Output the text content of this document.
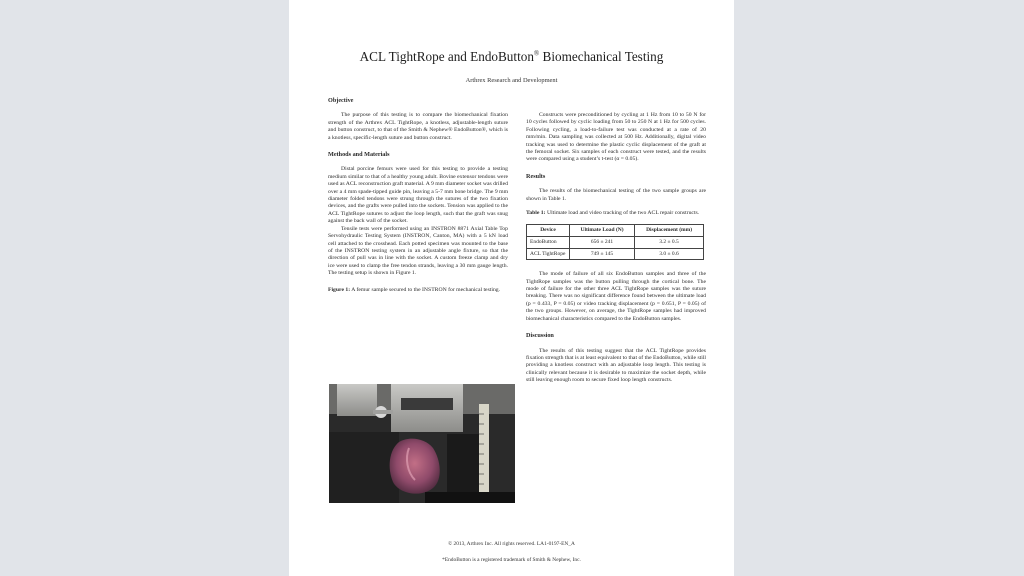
ACL TightRope and EndoButton® Biomechanical Testing
Arthrex Research and Development
Objective

The purpose of this testing is to compare the biomechanical fixation strength of the Arthrex ACL TightRope, a knotless, adjustable-length suture and button construct, to that of the Smith & Nephew® EndoButton®, which is a knotless, specific-length suture and button construct.

Methods and Materials

Distal porcine femurs were used for this testing to provide a testing medium similar to that of a healthy young adult. Bovine extensor tendons were used as ACL reconstruction graft material. A 9 mm diameter socket was drilled over a 4 mm spade-tipped guide pin, leaving a 5-7 mm bone bridge. The 9 mm diameter folded tendons were strung through the sutures of the two fixation devices, and the grafts were pulled into the sockets. Tension was applied to the ACL TightRope sutures to adjust the loop length, such that the graft was snug against the back wall of the socket.

Tensile tests were performed using an INSTRON 8871 Axial Table Top Servohydraulic Testing System (INSTRON, Canton, MA) with a 5 kN load cell attached to the crosshead. Each potted specimen was mounted to the base of the INSTRON testing system in an adjustable angle fixture, so that the direction of pull was in line with the socket. A custom freeze clamp and dry ice were used to clamp the free tendon strands, leaving a 30 mm gauge length. The testing setup is shown in Figure 1.

Figure 1: A femur sample secured to the INSTRON for mechanical testing.

Constructs were preconditioned by cycling at 1 Hz from 10 to 50 N for 10 cycles followed by cyclic loading from 50 to 250 N at 1 Hz for 500 cycles. Following cycling, a load-to-failure test was conducted at a rate of 20 mm/min. Data sampling was collected at 500 Hz. Additionally, digital video tracking was used to determine the plastic cyclic displacement of the graft at the femoral socket. Six samples of each construct were tested, and the results were compared using a student’s t-test (α = 0.05).

Results

The results of the biomechanical testing of the two sample groups are shown in Table 1.

Table 1: Ultimate load and video tracking of the two ACL repair constructs.

Device	Ultimate Load (N)	Displacement (mm)
EndoButton	656 ± 241	3.2 ± 0.5
ACL TightRope	749 ± 145	3.0 ± 0.6

The mode of failure of all six EndoButton samples and three of the TightRope samples was the button pulling through the cortical bone. The mode of failure for the other three ACL TightRope samples was the suture breaking. There was no significant difference found between the ultimate load (p = 0.433, P = 0.05) or video tracking displacement (p = 0.651, P = 0.05) of the two groups. However, on average, the TightRope samples had improved biomechanical characteristics compared to the EndoButton samples.

Discussion

The results of this testing suggest that the ACL TightRope provides fixation strength that is at least equivalent to that of the EndoButton, while still providing a knotless construct with an adjustable loop length. This testing is clinically relevant because it is desirable to maximize the socket depth, while still leaving enough room to secure fixed loop length constructs.

© 2013, Arthrex Inc. All rights reserved. LA1-0197-EN_A
*EndoButton is a registered trademark of Smith & Nephew, Inc.
